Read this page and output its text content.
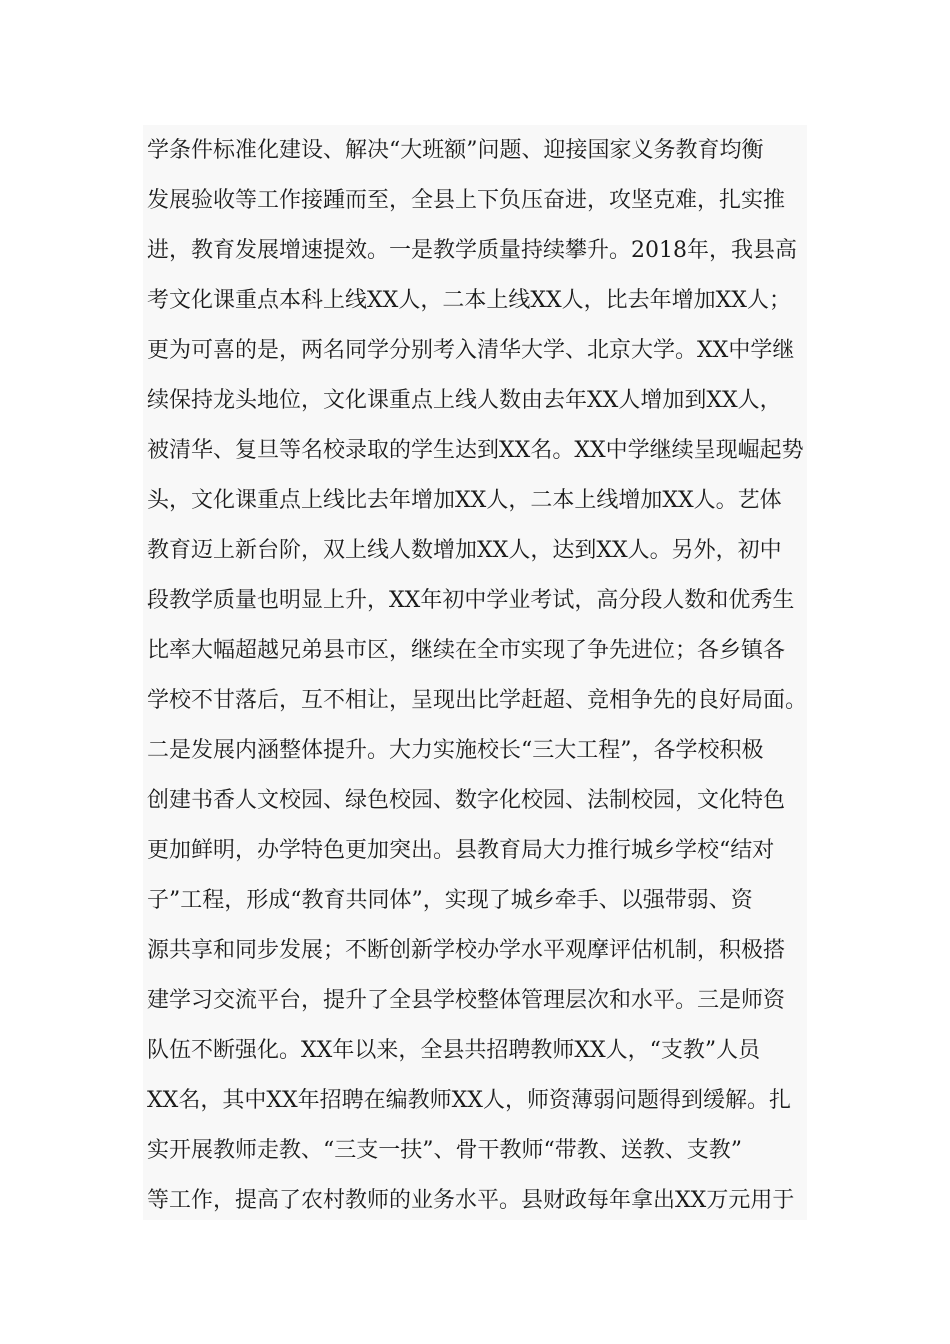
学条件标准化建设、解决“大班额”问题、迎接国家义务教育均衡
发展验收等工作接踵而至，全县上下负压奋进，攻坚克难，扎实推
进，教育发展增速提效。一是教学质量持续攀升。2018年，我县高
考文化课重点本科上线XX人，二本上线XX人，比去年增加XX人；
更为可喜的是，两名同学分别考入清华大学、北京大学。XX中学继
续保持龙头地位，文化课重点上线人数由去年XX人增加到XX人，
被清华、复旦等名校录取的学生达到XX名。XX中学继续呈现崛起势
头，文化课重点上线比去年增加XX人，二本上线增加XX人。艺体
教育迈上新台阶，双上线人数增加XX人，达到XX人。另外，初中
段教学质量也明显上升，XX年初中学业考试，高分段人数和优秀生
比率大幅超越兄弟县市区，继续在全市实现了争先进位；各乡镇各
学校不甘落后，互不相让，呈现出比学赶超、竞相争先的良好局面。
二是发展内涵整体提升。大力实施校长“三大工程”，各学校积极
创建书香人文校园、绿色校园、数字化校园、法制校园，文化特色
更加鲜明，办学特色更加突出。县教育局大力推行城乡学校“结对
子”工程，形成“教育共同体”，实现了城乡牵手、以强带弱、资
源共享和同步发展；不断创新学校办学水平观摩评估机制，积极搭
建学习交流平台，提升了全县学校整体管理层次和水平。三是师资
队伍不断强化。XX年以来，全县共招聘教师XX人，“支教”人员
XX名，其中XX年招聘在编教师XX人，师资薄弱问题得到缓解。扎
实开展教师走教、“三支一扶”、骨干教师“带教、送教、支教”
等工作，提高了农村教师的业务水平。县财政每年拿出XX万元用于
